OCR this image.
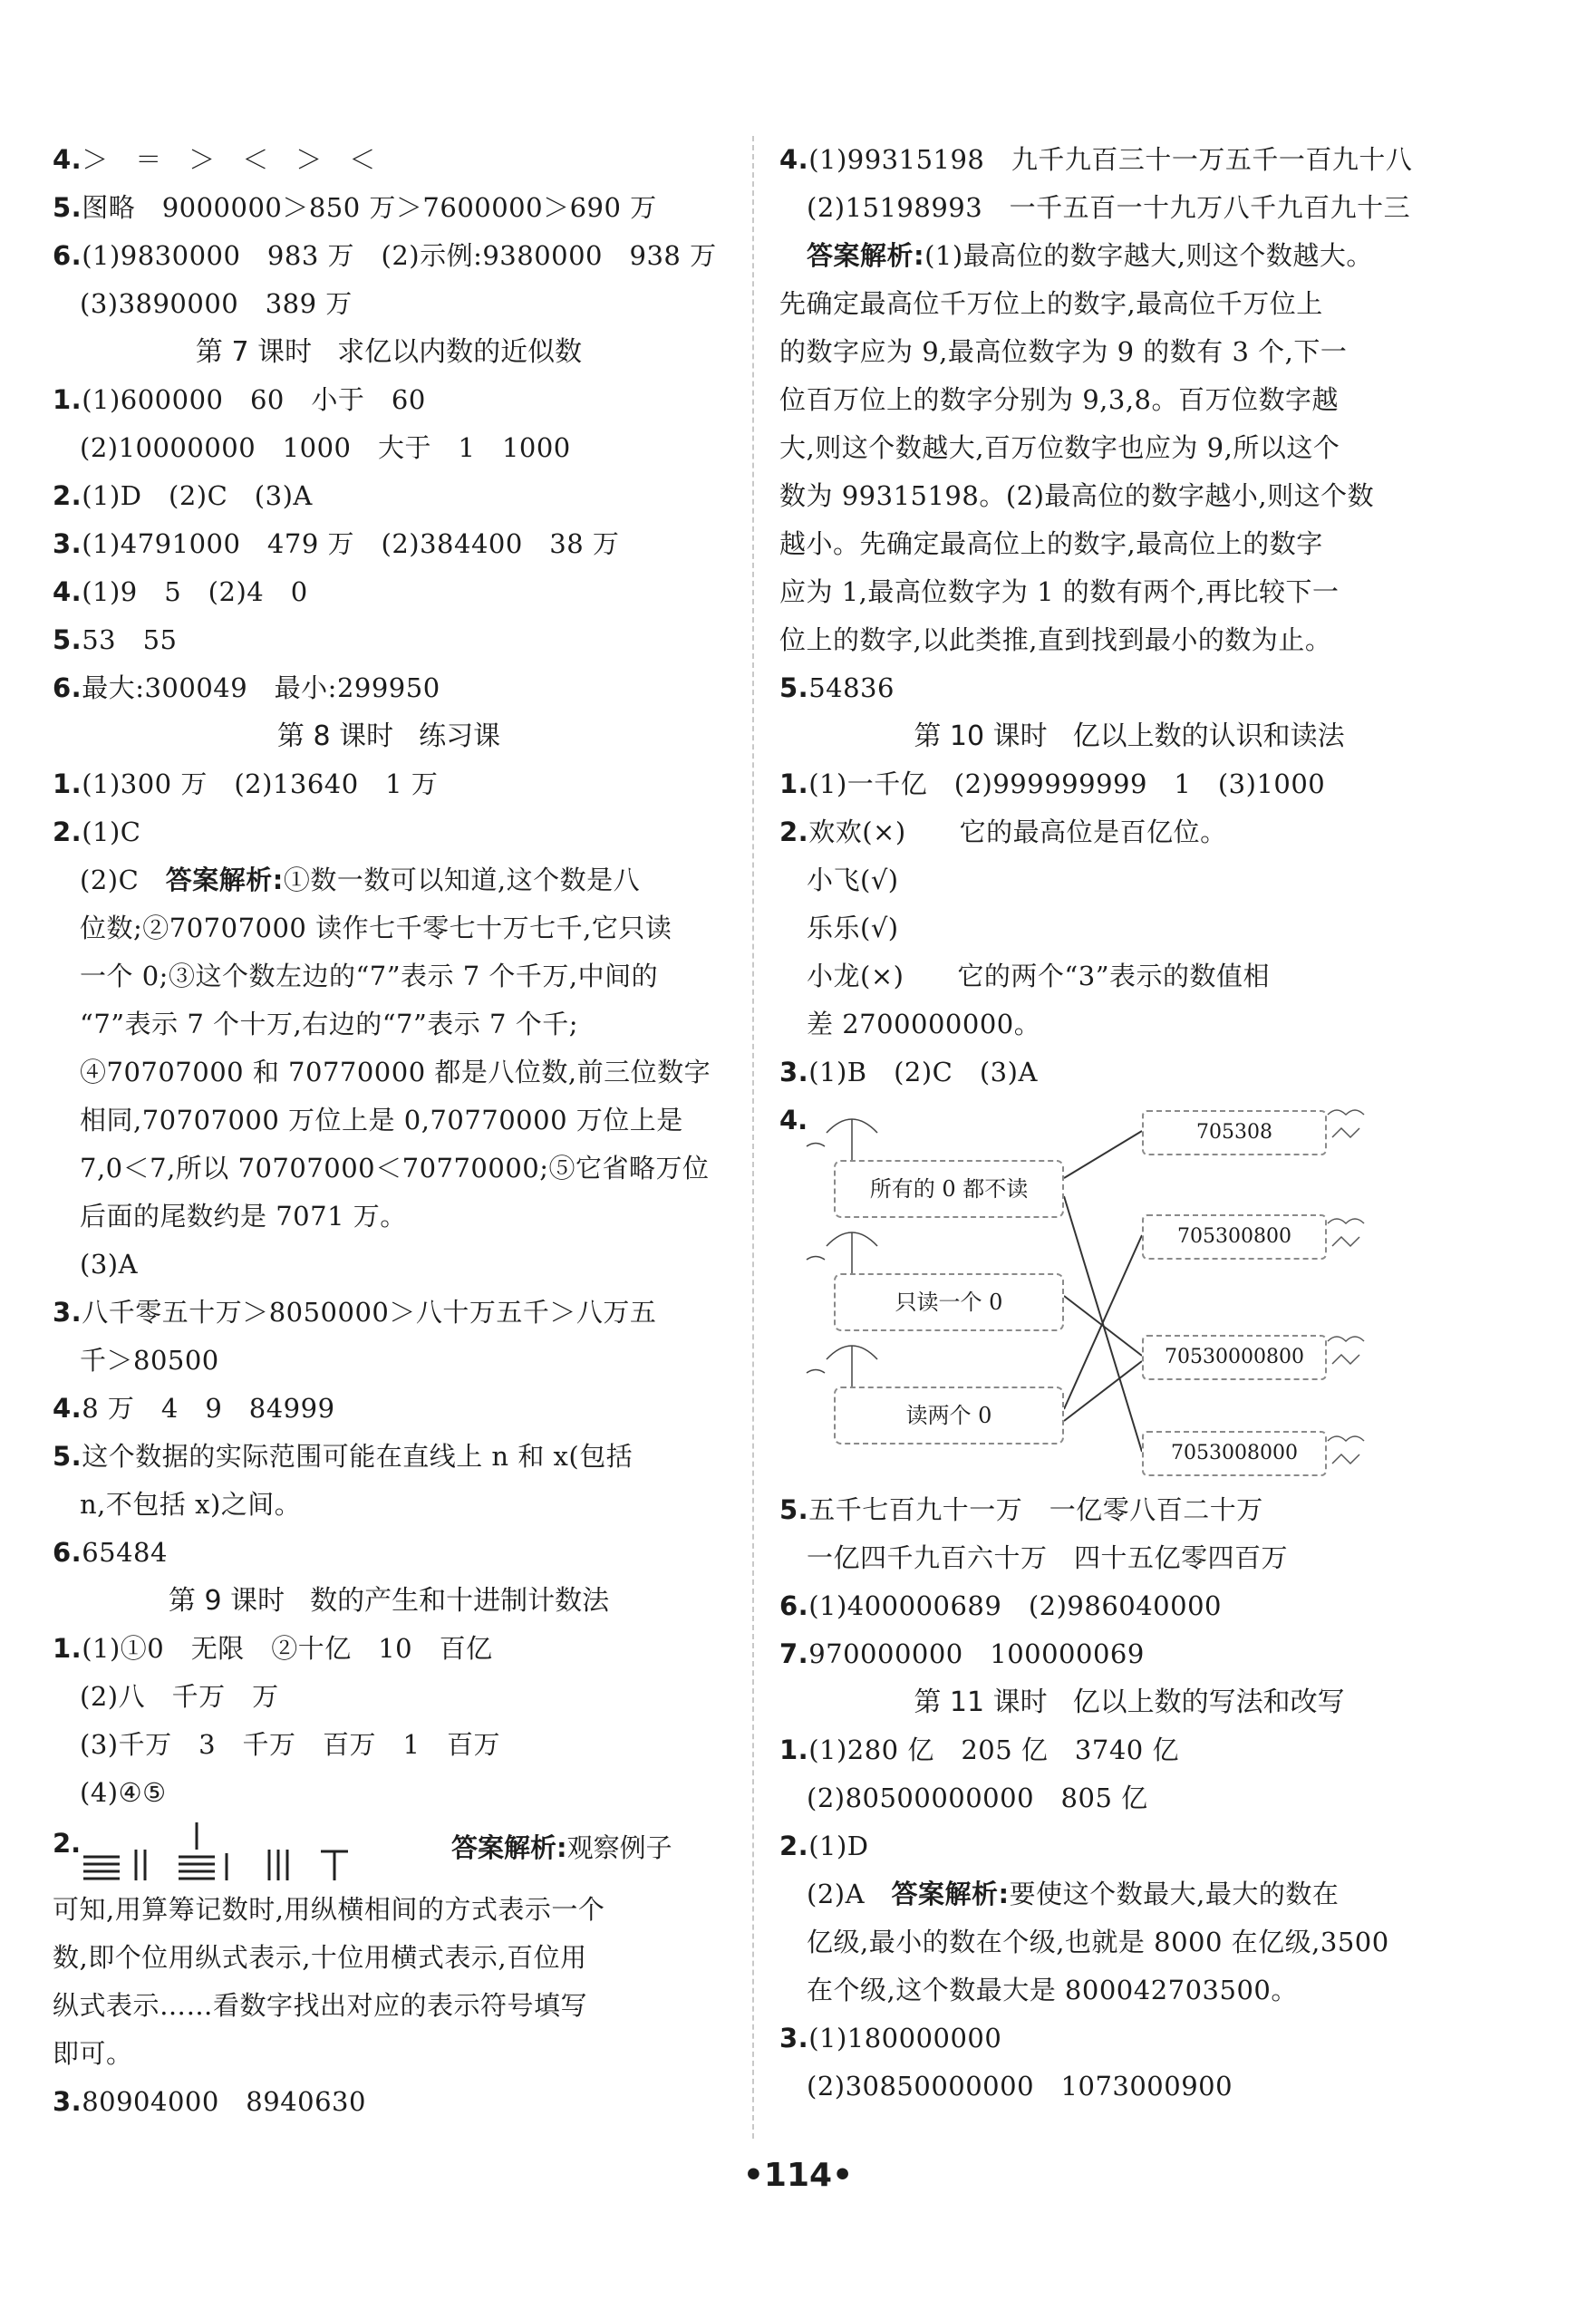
4.＞　＝　＞　＜　＞　＜
5.图略　9000000＞850 万＞7600000＞690 万
6.(1)9830000　983 万　(2)示例:9380000　938 万
(3)3890000　389 万
第 7 课时 求亿以内数的近似数
1.(1)600000　60　小于　60
(2)10000000　1000　大于　1　1000
2.(1)D　(2)C　(3)A
3.(1)4791000　479 万　(2)384400　38 万
4.(1)9　5　(2)4　0
5.53　55
6.最大:300049　最小:299950
第 8 课时 练习课
1.(1)300 万　(2)13640　1 万
2.(1)C
(2)C　答案解析:①数一数可以知道,这个数是八
位数;②70707000 读作七千零七十万七千,它只读
一个 0;③这个数左边的“7”表示 7 个千万,中间的
“7”表示 7 个十万,右边的“7”表示 7 个千;
④70707000 和 70770000 都是八位数,前三位数字
相同,70707000 万位上是 0,70770000 万位上是
7,0＜7,所以 70707000＜70770000;⑤它省略万位
后面的尾数约是 7071 万。
(3)A
3.八千零五十万＞8050000＞八十万五千＞八万五
千＞80500
4.8 万　4　9　84999
5.这个数据的实际范围可能在直线上 n 和 x(包括
n,不包括 x)之间。
6.65484
第 9 课时 数的产生和十进制计数法
1.(1)①0　无限　②十亿　10　百亿
(2)八　千万　万
(3)千万　3　千万　百万　1　百万
(4)④⑤
2.	答案解析:观察例子
可知,用算筹记数时,用纵横相间的方式表示一个
数,即个位用纵式表示,十位用横式表示,百位用
纵式表示……看数字找出对应的表示符号填写
即可。
3.80904000　8940630
4.(1)99315198　九千九百三十一万五千一百九十八
(2)15198993　一千五百一十九万八千九百九十三
答案解析:(1)最高位的数字越大,则这个数越大。
先确定最高位千万位上的数字,最高位千万位上
的数字应为 9,最高位数字为 9 的数有 3 个,下一
位百万位上的数字分别为 9,3,8。百万位数字越
大,则这个数越大,百万位数字也应为 9,所以这个
数为 99315198。(2)最高位的数字越小,则这个数
越小。先确定最高位上的数字,最高位上的数字
应为 1,最高位数字为 1 的数有两个,再比较下一
位上的数字,以此类推,直到找到最小的数为止。
5.54836
第 10 课时 亿以上数的认识和读法
1.(1)一千亿　(2)999999999　1　(3)1000
2.欢欢(×)　　它的最高位是百亿位。
小飞(√)
乐乐(√)
小龙(×)　　它的两个“3”表示的数值相
差 2700000000。
3.(1)B　(2)C　(3)A
4.	705308
705300800
70530000800
7053008000
所有的 0 都不读
只读一个 0
读两个 0
5.五千七百九十一万　一亿零八百二十万
一亿四千九百六十万　四十五亿零四百万
6.(1)400000689　(2)986040000
7.970000000　100000069
第 11 课时 亿以上数的写法和改写
1.(1)280 亿　205 亿　3740 亿
(2)80500000000　805 亿
2.(1)D
(2)A　答案解析:要使这个数最大,最大的数在
亿级,最小的数在个级,也就是 8000 在亿级,3500
在个级,这个数最大是 800042703500。
3.(1)180000000
(2)30850000000　1073000900
•114•
